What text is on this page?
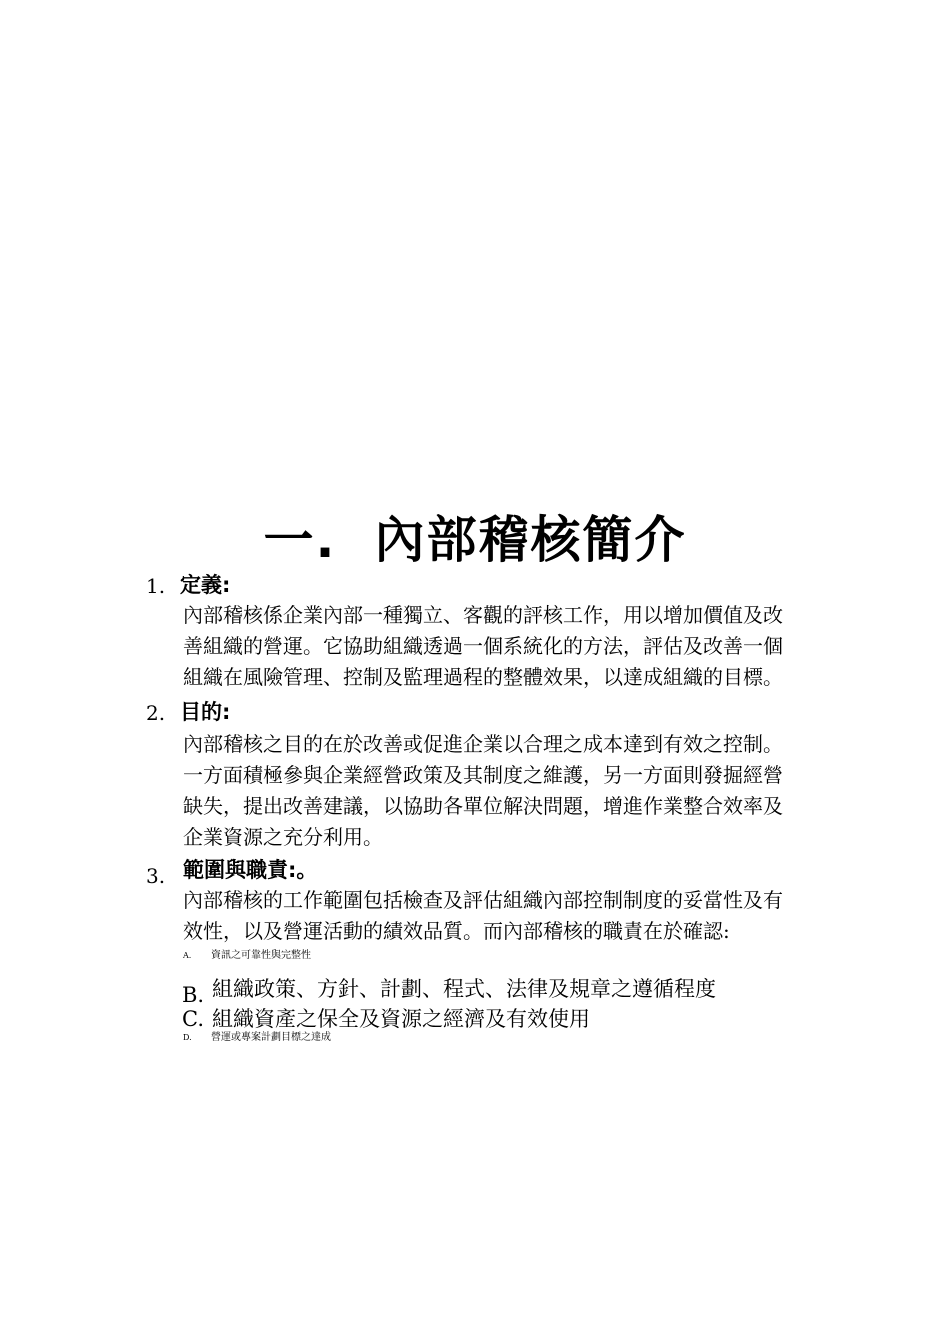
一. 內部稽核簡介
1. 定義:
內部稽核係企業內部一種獨立、客觀的評核工作，用以增加價值及改
善組織的營運。它協助組織透過一個系統化的方法，評估及改善一個
組織在風險管理、控制及監理過程的整體效果，以達成組織的目標。
2. 目的:
內部稽核之目的在於改善或促進企業以合理之成本達到有效之控制。
一方面積極參與企業經營政策及其制度之維護，另一方面則發掘經營
缺失，提出改善建議，以協助各單位解決問題，增進作業整合效率及
企業資源之充分利用。
3. 範圍與職責:。
內部稽核的工作範圍包括檢查及評估組織內部控制制度的妥當性及有
效性，以及營運活動的績效品質。而內部稽核的職責在於確認:
A. 資訊之可靠性與完整性
B. 組織政策、方針、計劃、程式、法律及規章之遵循程度
C. 組織資產之保全及資源之經濟及有效使用
D. 營運或專案計劃目標之達成
